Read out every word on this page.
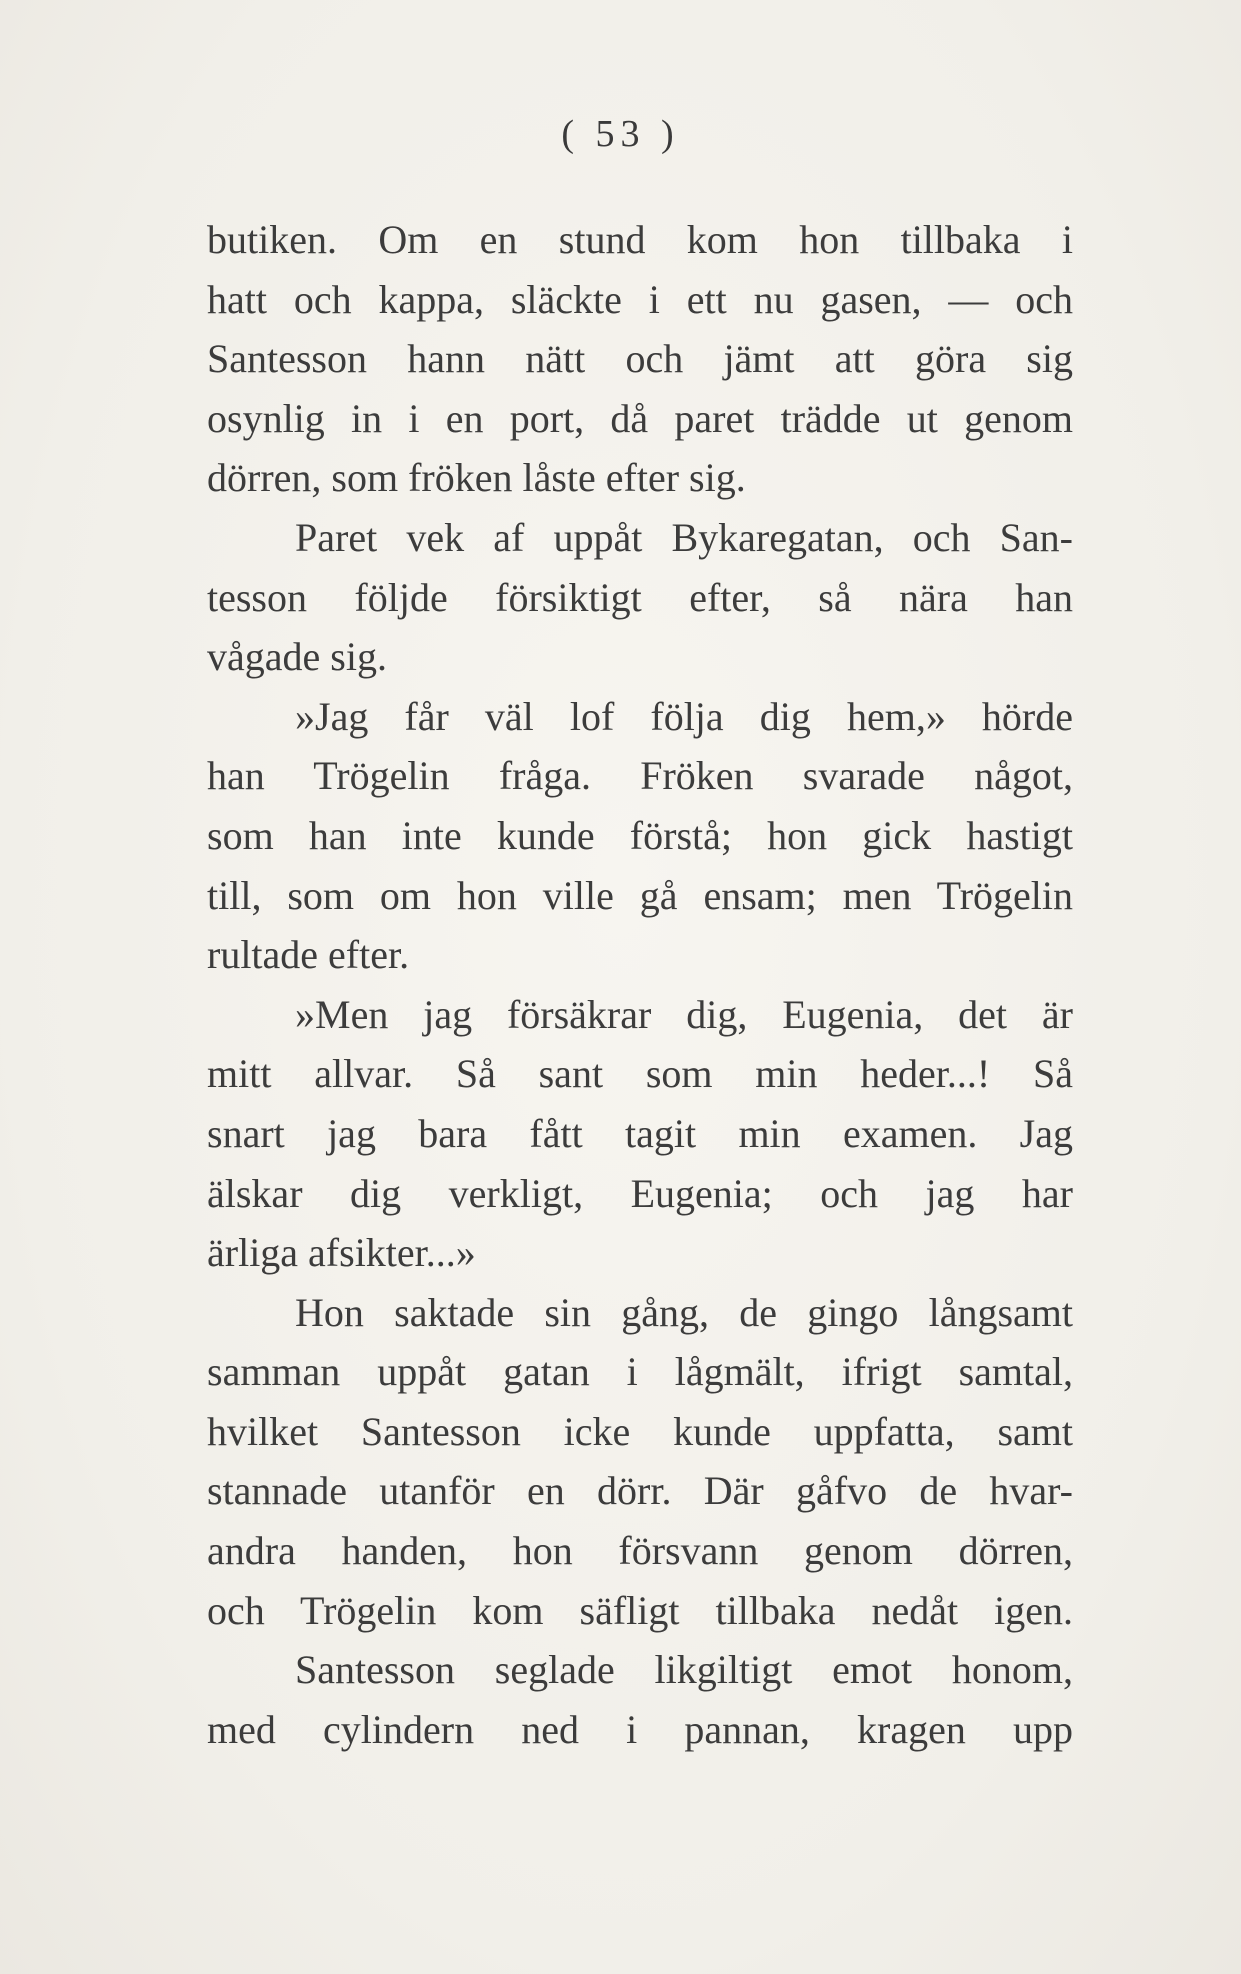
( 53 )
butiken. Om en stund kom hon tillbaka i
hatt och kappa, släckte i ett nu gasen, — och
Santesson hann nätt och jämt att göra sig
osynlig in i en port, då paret trädde ut genom
dörren, som fröken låste efter sig.
Paret vek af uppåt Bykaregatan, och San-
tesson följde försiktigt efter, så nära han
vågade sig.
»Jag får väl lof följa dig hem,» hörde
han Trögelin fråga. Fröken svarade något,
som han inte kunde förstå; hon gick hastigt
till, som om hon ville gå ensam; men Trögelin
rultade efter.
»Men jag försäkrar dig, Eugenia, det är
mitt allvar. Så sant som min heder...! Så
snart jag bara fått tagit min examen. Jag
älskar dig verkligt, Eugenia; och jag har
ärliga afsikter...»
Hon saktade sin gång, de gingo långsamt
samman uppåt gatan i lågmält, ifrigt samtal,
hvilket Santesson icke kunde uppfatta, samt
stannade utanför en dörr. Där gåfvo de hvar-
andra handen, hon försvann genom dörren,
och Trögelin kom säfligt tillbaka nedåt igen.
Santesson seglade likgiltigt emot honom,
med cylindern ned i pannan, kragen upp
